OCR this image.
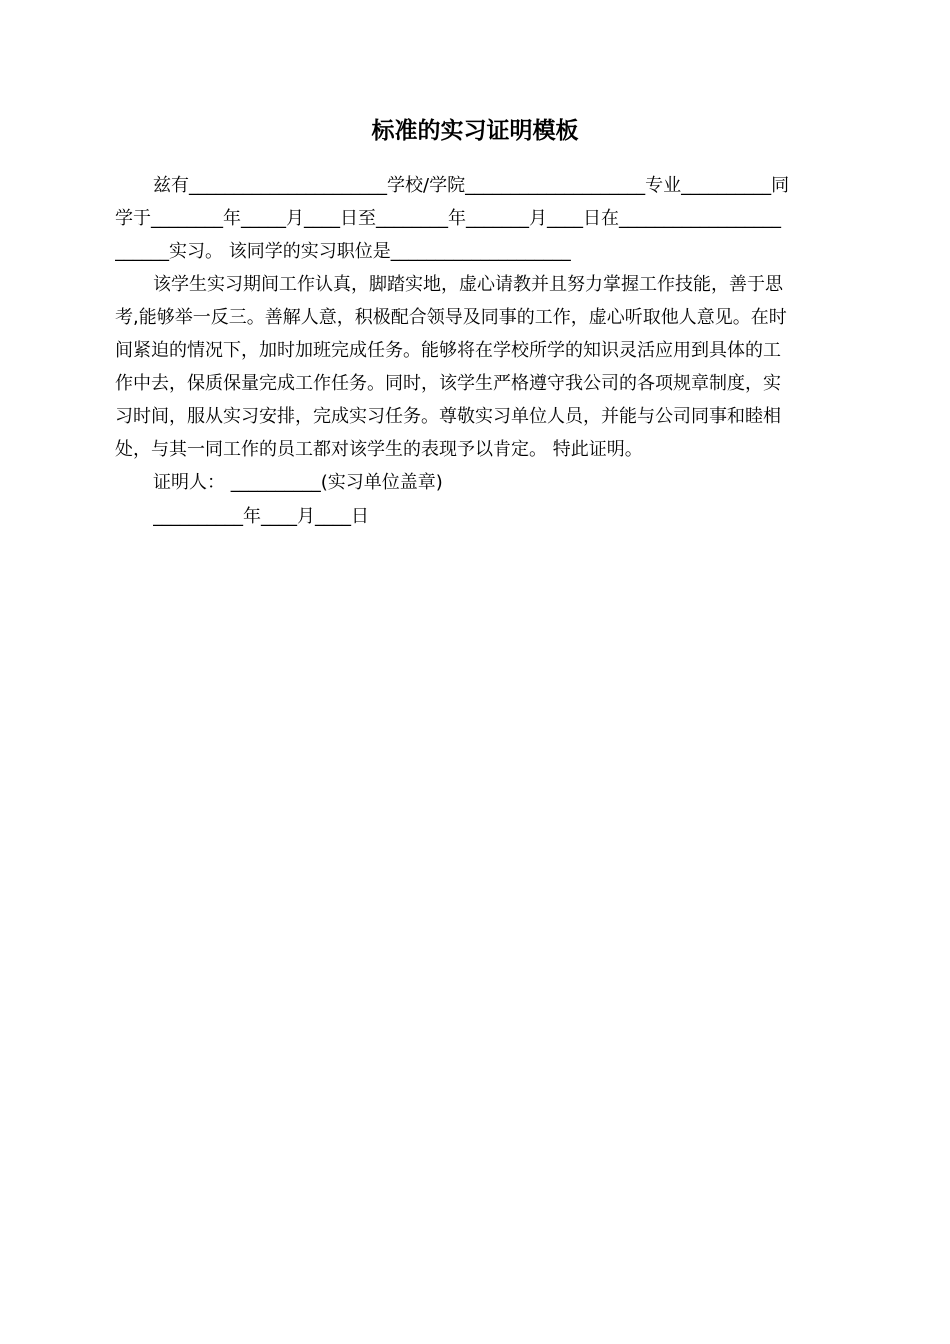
标准的实习证明模板
兹有______________________学校/学院____________________专业__________同
学于________年_____月____日至________年_______月____日在__________________
______实习。 该同学的实习职位是____________________
该学生实习期间工作认真，脚踏实地，虚心请教并且努力掌握工作技能，善于思
考,能够举一反三。善解人意，积极配合领导及同事的工作，虚心听取他人意见。在时
间紧迫的情况下，加时加班完成任务。能够将在学校所学的知识灵活应用到具体的工
作中去，保质保量完成工作任务。同时，该学生严格遵守我公司的各项规章制度，实
习时间，服从实习安排，完成实习任务。尊敬实习单位人员，并能与公司同事和睦相
处，与其一同工作的员工都对该学生的表现予以肯定。 特此证明。
证明人： __________(实习单位盖章)
__________年____月____日
